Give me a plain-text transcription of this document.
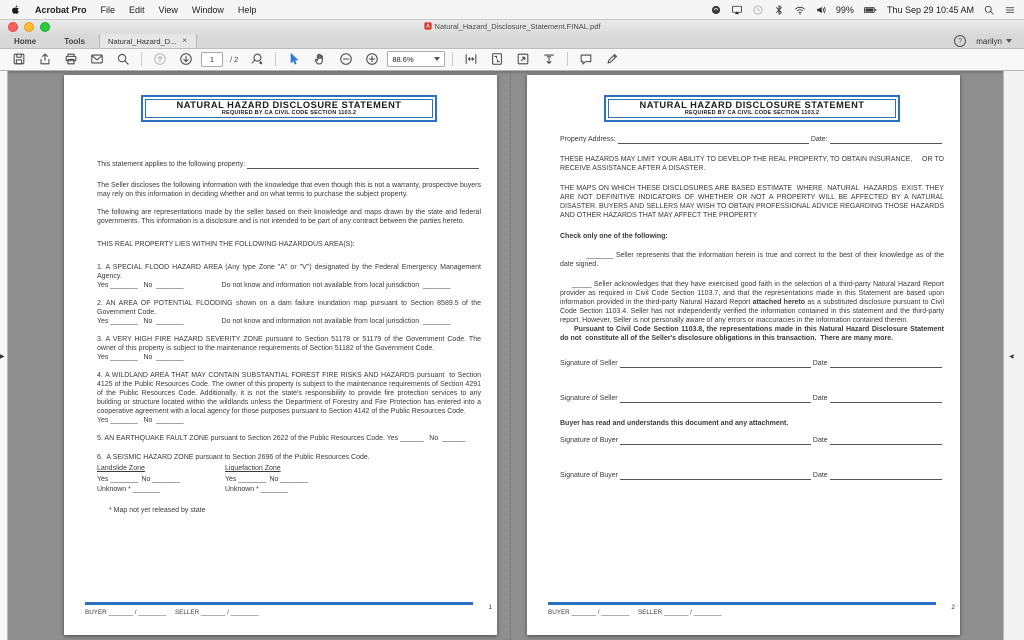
Acrobat Pro File Edit View Window Help	99%	Thu Sep 29 10:45 AM
Natural_Hazard_Disclosure_Statement.FINAL.pdf
Home	Tools	Natural_Hazard_D... ×	?	marilyn
1
/ 2	88.6%
NATURAL HAZARD DISCLOSURE STATEMENT
REQUIRED BY CA CIVIL CODE SECTION 1103.2
This statement applies to the following property:
The Seller discloses the following information with the knowledge that even though this is not a warranty, prospective buyers may rely on this information in deciding whether and on what terms to purchase the subject property.
The following are representations made by the seller based on their knowledge and maps drawn by the state and federal governments. This information is a disclosure and is not intended to be part of any contract between the parties hereto.
THIS REAL PROPERTY LIES WITHIN THE FOLLOWING HAZARDOUS AREA(S):
1. A SPECIAL FLOOD HAZARD AREA (Any type Zone "A" or "V") designated by the Federal Emergency Management Agency.
Yes _______   No  _______	Do not know and information not available from local jurisdiction  _______
2. AN AREA OF POTENTIAL FLOODING shown on a dam failure inundation map pursuant to Section 8589.5 of the Government Code.
Yes _______   No  _______	Do not know and information not available from local jurisdiction  _______
3. A VERY HIGH FIRE HAZARD SEVERITY ZONE pursuant to Section 51178 or 51179 of the Government Code. The owner of this property is subject to the maintenance requirements of Section 51182 of the Government Code.
Yes _______   No  _______
4. A WILDLAND AREA THAT MAY CONTAIN SUBSTANTIAL FOREST FIRE RISKS AND HAZARDS pursuant  to Section 4125 of the Public Resources Code. The owner of this property is subject to the maintenance requirements of Section 4291 of the Public Resources Code. Additionally, it is not the state's responsibility to provide fire protection services to any building or structure located within the wildlands unless the Department of Forestry and Fire Protection has entered into a cooperative agreement with a local agency for those purposes pursuant to Section 4142 of the Public Resources Code.
Yes _______   No  _______
5. AN EARTHQUAKE FAULT ZONE pursuant to Section 2622 of the Public Resources Code. Yes ______   No  ______
6.  A SEISMIC HAZARD ZONE pursuant to Section 2696 of the Public Resources Code.
Landslide Zone
Yes _______  No _______
Unknown * _______
Liquefaction Zone
Yes _______  No _______
Unknown * _______
* Map not yet released by state
1
BUYER _______ / ________     SELLER _______ / ________
NATURAL HAZARD DISCLOSURE STATEMENT
REQUIRED BY CA CIVIL CODE SECTION 1103.2
Property Address:	Date:
THESE HAZARDS MAY LIMIT YOUR ABILITY TO DEVELOP THE REAL PROPERTY, TO OBTAIN INSURANCE,     OR TO RECEIVE ASSISTANCE AFTER A DISASTER.
THE MAPS ON WHICH THESE DISCLOSURES ARE BASED ESTIMATE  WHERE  NATURAL  HAZARDS  EXIST. THEY ARE NOT DEFINITIVE INDICATORS OF WHETHER OR NOT A PROPERTY WILL BE AFFECTED BY A NATURAL DISASTER. BUYERS AND SELLERS MAY WISH TO OBTAIN PROFESSIONAL ADVICE REGARDING THOSE HAZARDS AND OTHER HAZARDS THAT MAY AFFECT THE PROPERTY
Check only one of the following:
_______ Seller represents that the information herein is true and correct to the best of their knowledge as of the date signed.
_____ Seller acknowledges that they have exercised good faith in the selection of a third-party Natural Hazard Report provider as required in Civil Code Section 1103.7, and that the representations made in this Statement are based upon information provided in the third-party Natural Hazard Report attached hereto as a substituted disclosure pursuant to Civil Code Section 1103.4. Seller has not independently verified the information contained in this statement and the third-party report. However, Seller is not personally aware of any errors or inaccuracies in the information contained therein.
Pursuant to Civil Code Section 1103.8, the representations made in this Natural Hazard Disclosure Statement do not  constitute all of the Seller's disclosure obligations in this transaction.  There are many more.
Signature of Seller	Date
Signature of Seller	Date
Buyer has read and understands this document and any attachment.
Signature of Buyer	Date
Signature of Buyer	Date
2
BUYER _______ / ________     SELLER _______ / ________
▶	◀
